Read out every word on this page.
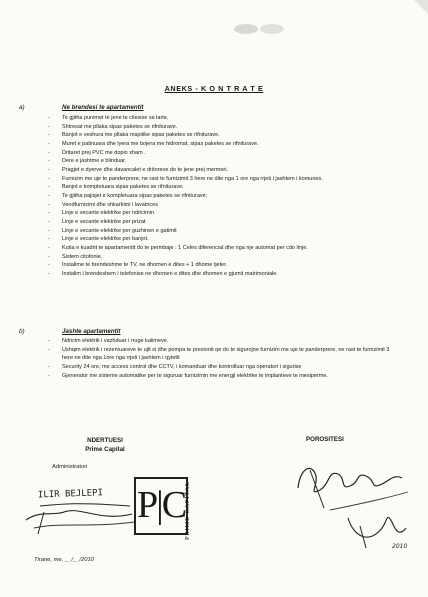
ANEKS - K O N T R A T E
a)	Ne brendesi te apartamentit
- Te gjitha punimet te jene te cilesise se larte.
- Shtresat me pllaka sipas paketes se rifniturave.
- Banjot e veshura me pllaka majolike sipas paketes se rifniturave.
- Muret e patinuara dhe lyera me bojera me hidromat, sipas paketes se rifniturave.
- Dritaret prej PVC me dopio xham .
- Dere e jashtme e blinduar.
- Pragjet e dyerve dhe davancalet e dritoreve do te jene prej mermeri.
- Furnizim me uje te panderprere, ne rast te furnizimit 3 here ne dite nga 1 ore nga rrjeti i jashtem i komunes.
- Banjot e kompletuara sipas paketes se rifniturave.
- Te gjitha pajisjet e kompletuara sipas paketes se rifniturave;
- Vendfurnizimi dhe shkarkimi i lavatrices
- Linje e vecante elektrike per ndricimin
- Linje e vecante elektrike per prizat
- Linje e vecante elektrike per guzhinen e gatimit
- Linje e vecante elektrike per banjot.
- Kutia e kuadrit te apartamentit do te permbaje : 1 Celes diferencial dhe nga nje automat per cdo linje.
- Sistem citofonie.
- Instalime te brendeshme te TV, ne dhomen e dites + 1 dhome tjeter.
- Instalim i brendeshem i telefonise ne dhomen e dites dhe dhomen e gjumit matrimoniale.
b)	Jashte apartamentit
- Ndricim elektrik i vazhduar i rruge kalimeve.
- Ushqim elektrik i rezervuareve te ujit si dhe pompa te presionit qe do te sigurojne furnizim me uje te panderprere, ne rast te furnizimit 3 here ne dite nga 1ore nga rrjeti i jashtem i qytetit
- Security 24 ore, me access control dhe CCTV, i komanduar dhe kontrolluar nga operatori i sigurise
- Gjenerator me sisteme automatike per te siguruar furnizimin me energji elektrike te implanteve te mesiperme.
NDERTUESI
Prime Capital
Administratori
ILIR BEJLEPI P|C
PRIME CAPITAL
POROSITESI
2010
Tirane, me. __/__/2010
